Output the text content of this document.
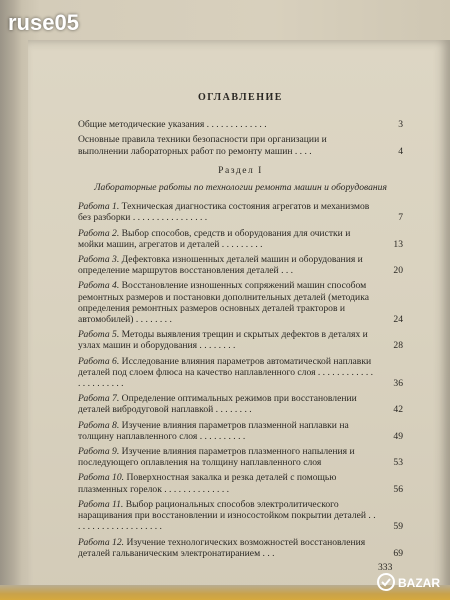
ruse05
ОГЛАВЛЕНИЕ
Общие методические указания . . . . . . . . . . . . .	3
Основные правила техники безопасности при организации и выполнении лабораторных работ по ремонту машин . . . .	4
Раздел I
Лабораторные работы по технологии ремонта машин и оборудования
Работа 1. Техническая диагностика состояния агрегатов и механизмов без разборки . . . . . . . . . . . . . . . .	7
Работа 2. Выбор способов, средств и оборудования для очистки и мойки машин, агрегатов и деталей . . . . . . . . .	13
Работа 3. Дефектовка изношенных деталей машин и оборудования и определение маршрутов восстановления деталей . . .	20
Работа 4. Восстановление изношенных сопряжений машин способом ремонтных размеров и постановки дополнительных деталей (методика определения ремонтных размеров основных деталей тракторов и автомобилей) . . . . . . . .	24
Работа 5. Методы выявления трещин и скрытых дефектов в деталях и узлах машин и оборудования . . . . . . . .	28
Работа 6. Исследование влияния параметров автоматической наплавки деталей под слоем флюса на качество наплавленного слоя . . . . . . . . . . . . . . . . . . . . . .	36
Работа 7. Определение оптимальных режимов при восстановлении деталей вибродуговой наплавкой . . . . . . . .	42
Работа 8. Изучение влияния параметров плазменной наплавки на толщину наплавленного слоя . . . . . . . . . .	49
Работа 9. Изучение влияния параметров плазменного напыления и последующего оплавления на толщину наплавленного слоя	53
Работа 10. Поверхностная закалка и резка деталей с помощью плазменных горелок . . . . . . . . . . . . . .	56
Работа 11. Выбор рациональных способов электролитического наращивания при восстановлении и износостойком покрытии деталей . . . . . . . . . . . . . . . . . . . .	59
Работа 12. Изучение технологических возможностей восстановления деталей гальваническим электронатиранием . . .	69
333
BAZAR
